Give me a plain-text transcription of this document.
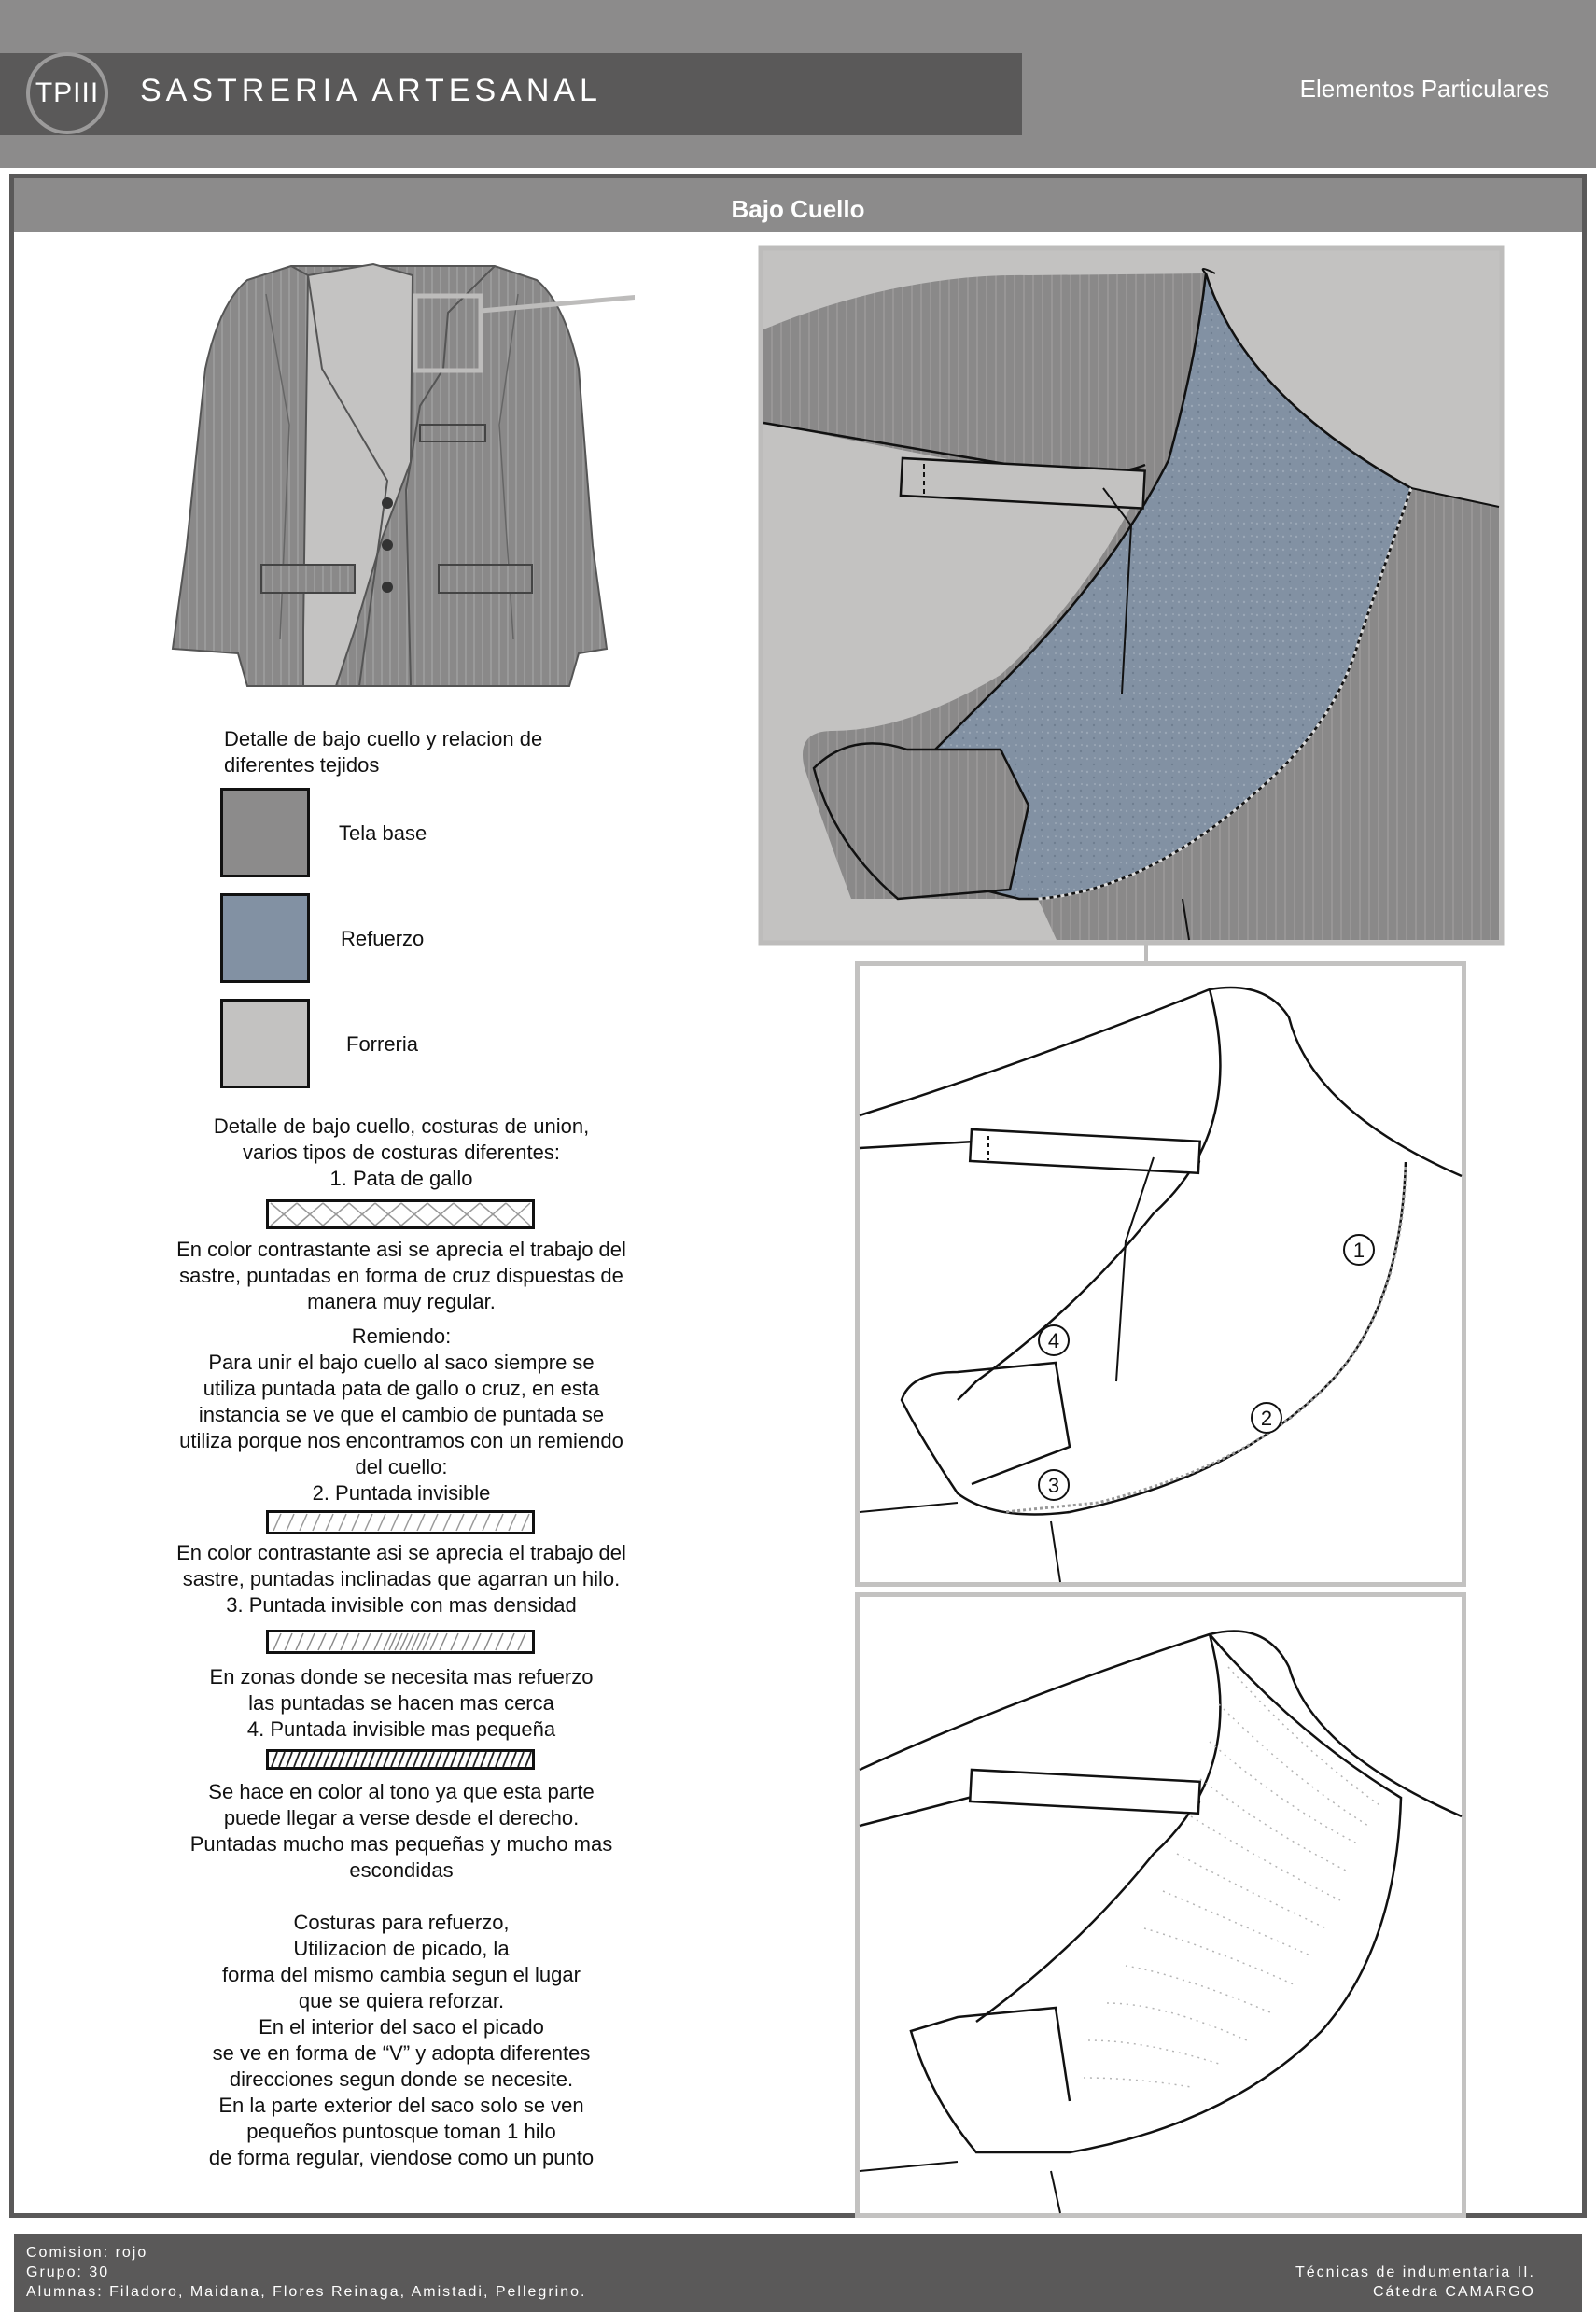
TPIII SASTRERIA ARTESANAL	Elementos Particulares
Bajo Cuello
Detalle de bajo cuello y relacion de
diferentes tejidos
Tela base
Refuerzo
Forreria
Detalle de bajo cuello, costuras de union,
varios tipos de costuras diferentes:
1. Pata de gallo
En color contrastante asi se aprecia el trabajo del
sastre, puntadas en forma de cruz dispuestas de
manera muy regular.
Remiendo:
Para unir el bajo cuello al saco siempre se
utiliza puntada pata de gallo o cruz, en esta
instancia se ve que el cambio de puntada se
utiliza porque nos encontramos con un remiendo
del cuello:
2. Puntada invisible
En color contrastante asi se aprecia el trabajo del
sastre, puntadas inclinadas que agarran un hilo.
3. Puntada invisible con mas densidad
En zonas donde se necesita mas refuerzo
las puntadas se hacen mas cerca
4. Puntada invisible mas pequeña
Se hace en color al tono ya que esta parte
puede llegar a verse desde el derecho.
Puntadas mucho mas pequeñas y mucho mas
escondidas
Costuras para refuerzo,
Utilizacion de picado, la
forma del mismo cambia segun el lugar
que se quiera reforzar.
En el interior del saco el picado
se ve en forma de “V” y adopta diferentes
direcciones segun donde se necesite.
En la parte exterior del saco solo se ven
pequeños puntosque toman 1 hilo
de forma regular, viendose como un punto
1
2
3
4
Comision: rojo
Grupo: 30
Alumnas: Filadoro, Maidana, Flores Reinaga, Amistadi, Pellegrino.
Técnicas de indumentaria II.
Cátedra CAMARGO
